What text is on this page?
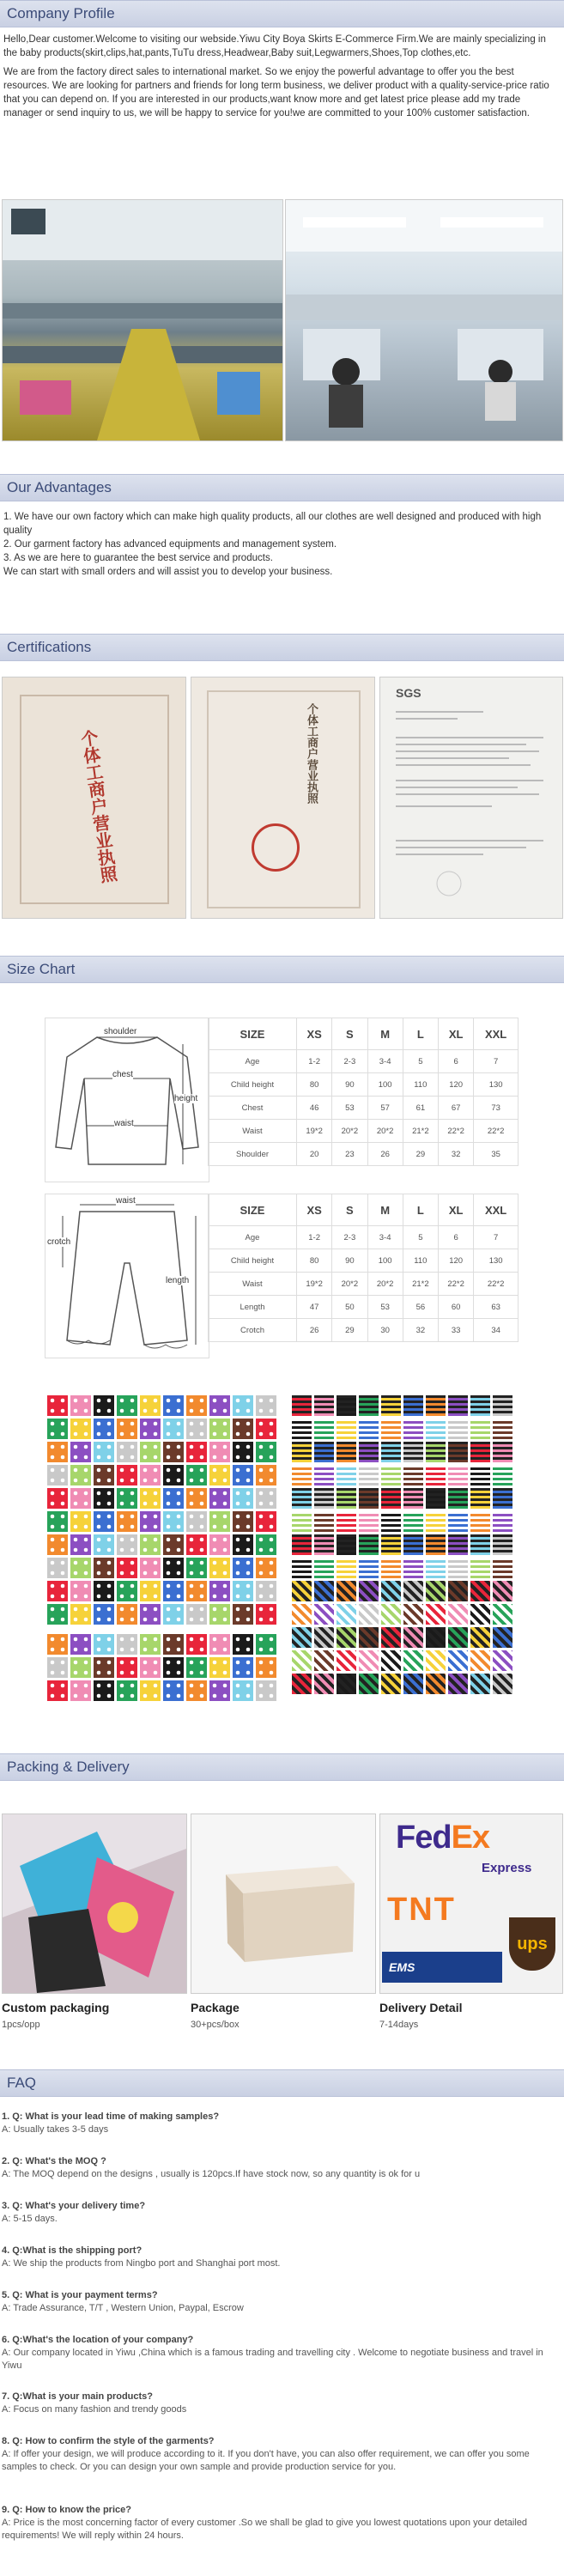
Company Profile

Hello,Dear customer.Welcome to visiting our webside.Yiwu City Boya Skirts E-Commerce Firm.We are mainly specializing in the baby products(skirt,clips,hat,pants,TuTu dress,Headwear,Baby suit,Legwarmers,Shoes,Top clothes,etc.

We are from the factory direct sales to international market. So we enjoy the powerful advantage to offer you the best resources. We are looking for partners and friends for long term business, we deliver product with a quality-service-price ratio that you can depend on. If you are interested in our products,want know more and get latest price please add my trade manager or send inquiry to us, we will be happy to service for you!we are committed to your 100% customer satisfaction.

Our Advantages
1. We have our own factory which can make high quality products, all our clothes are well designed and produced with high quality
2. Our garment factory has advanced equipments and management system.
3. As we are here to guarantee the best service and products.
We can start with small orders and will assist you to develop your business.
Certifications
个体工商户营业执照	个体工商户营业执照
SGS
Size Chart
shoulder
chest
height
waist
SIZE	XS	S	M	L	XL	XXL
Age	1-2	2-3	3-4	5	6	7
Child height	80	90	100	110	120	130
Chest	46	53	57	61	67	73
Waist	19*2	20*2	20*2	21*2	22*2	22*2
Shoulder	20	23	26	29	32	35
waist
crotch
length
SIZE	XS	S	M	L	XL	XXL
Age	1-2	2-3	3-4	5	6	7
Child height	80	90	100	110	120	130
Waist	19*2	20*2	20*2	21*2	22*2	22*2
Length	47	50	53	56	60	63
Crotch	26	29	30	32	33	34
Packing & Delivery
FedEx
Express
TNT
ups
EMS
Custom packaging
1pcs/opp
Package
30+pcs/box
Delivery Detail
7-14days
FAQ
1. Q: What is your lead time of making samples?
A: Usually takes 3-5 days
2. Q: What's the MOQ ?
A: The MOQ depend on the designs , usually is 120pcs.If have stock now, so any quantity is ok for u
3. Q: What's your delivery time?
A: 5-15 days.
4. Q:What is the shipping port?
A: We ship the products from Ningbo port and Shanghai port most.
5. Q: What is your payment terms?
A: Trade Assurance, T/T , Western Union, Paypal, Escrow
6. Q:What's the location of your company?
A: Our company located in Yiwu ,China which is a famous trading and travelling city . Welcome to negotiate business and travel in Yiwu
7. Q:What is your main products?
A: Focus on many fashion and trendy goods
8. Q: How to confirm the style of the garments?
A: If offer your design, we will produce according to it. If you don't have, you can also offer requirement, we can offer you some samples to check. Or you can design your own sample and provide production service for you.
9. Q: How to know the price?
A: Price is the most concerning factor of every customer .So we shall be glad to give you lowest quotations upon your detailed requirements! We will reply within 24 hours.
